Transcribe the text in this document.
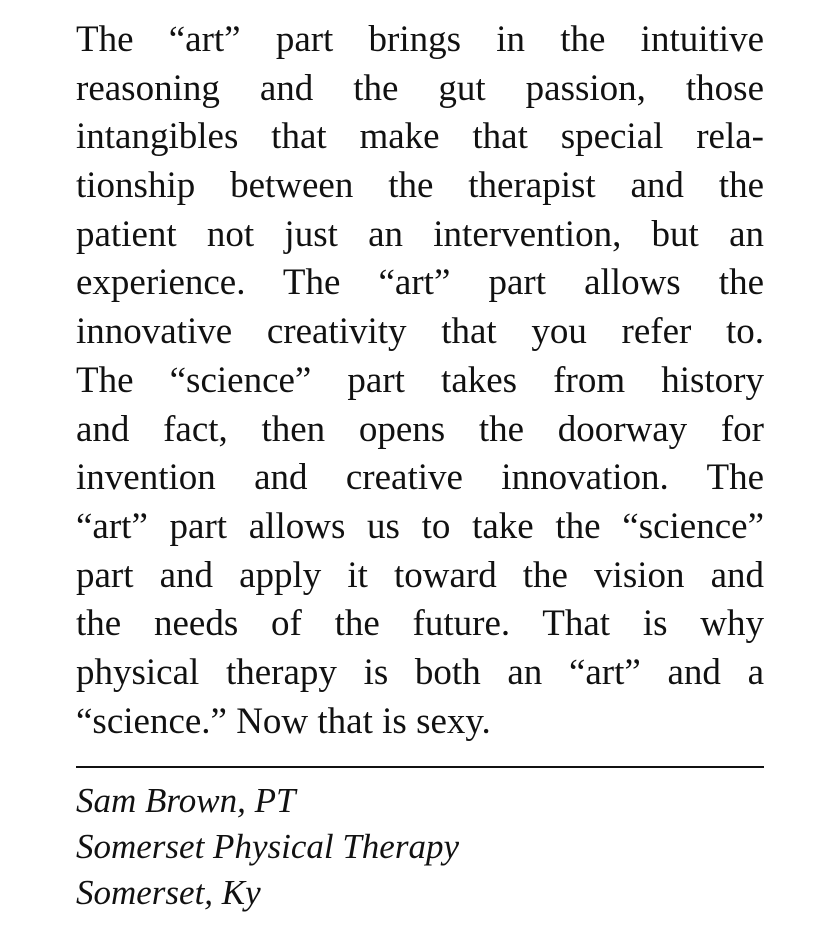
The “art” part brings in the intuitive
reasoning and the gut passion, those
intangibles that make that special rela-
tionship between the therapist and the
patient not just an intervention, but an
experience. The “art” part allows the
innovative creativity that you refer to.
The “science” part takes from history
and fact, then opens the doorway for
invention and creative innovation. The
“art” part allows us to take the “science”
part and apply it toward the vision and
the needs of the future. That is why
physical therapy is both an “art” and a
“science.” Now that is sexy.
Sam Brown, PT
Somerset Physical Therapy
Somerset, Ky
